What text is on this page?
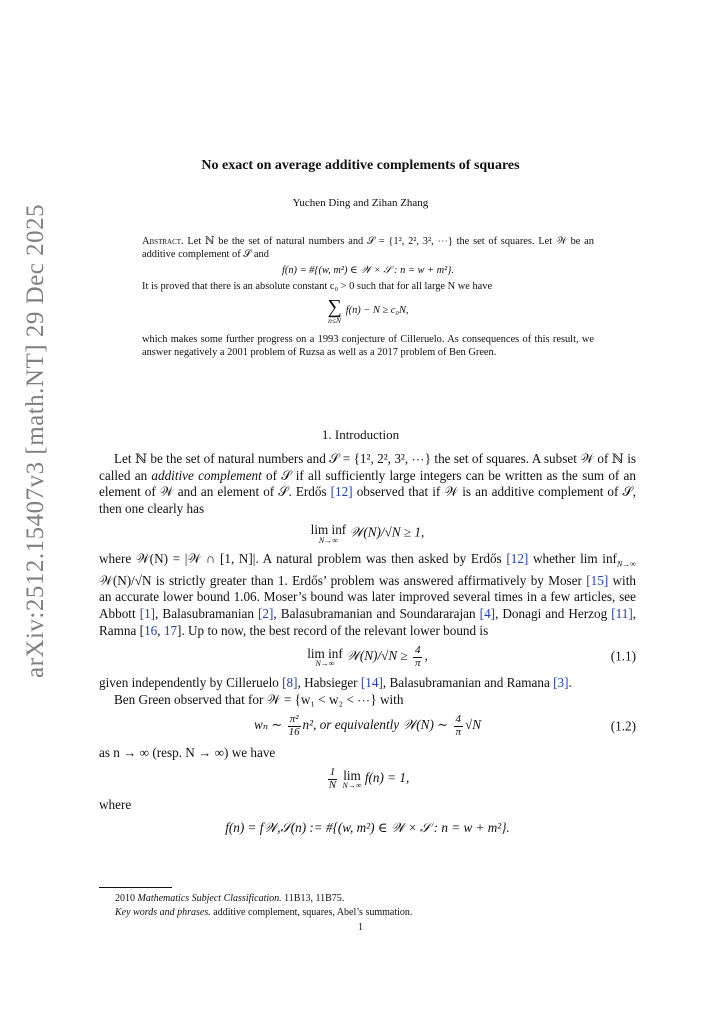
arXiv:2512.15407v3 [math.NT] 29 Dec 2025
No exact on average additive complements of squares
Yuchen Ding and Zihan Zhang

Abstract. Let ℕ be the set of natural numbers and 𝒮 = {1², 2², 3², ⋯} the set of squares. Let 𝒲 be an additive complement of 𝒮 and

f(n) = #{(w, m²) ∈ 𝒲 × 𝒮 : n = w + m²}.

It is proved that there is an absolute constant c₀ > 0 such that for all large N we have

∑
n≤N
f(n) − N ≥ c₀N,

which makes some further progress on a 1993 conjecture of Cilleruelo. As consequences of this result, we answer negatively a 2001 problem of Ruzsa as well as a 2017 problem of Ben Green.

1. Introduction

Let ℕ be the set of natural numbers and 𝒮 = {1², 2², 3², ⋯} the set of squares. A subset 𝒲 of ℕ is called an additive complement of 𝒮 if all sufficiently large integers can be written as the sum of an element of 𝒲 and an element of 𝒮. Erdős [12] observed that if 𝒲 is an additive complement of 𝒮, then one clearly has

lim inf
N→∞
𝒲(N)/√N ≥ 1,

where 𝒲(N) = |𝒲 ∩ [1, N]|. A natural problem was then asked by Erdős [12] whether lim inf$_{N\to\infty}$ 𝒲(N)/√N is strictly greater than 1. Erdős’ problem was answered affirmatively by Moser [15] with an accurate lower bound 1.06. Moser’s bound was later improved several times in a few articles, see Abbott [1], Balasubramanian [2], Balasubramanian and Soundararajan [4], Donagi and Herzog [11], Ramna [16, 17]. Up to now, the best record of the relevant lower bound is

lim inf
N→∞
𝒲(N)/√N ≥ $\frac{4}{\pi}$ ,	(1.1)

given independently by Cilleruelo [8], Habsieger [14], Balasubramanian and Ramana [3].

Ben Green observed that for 𝒲 = {w₁ < w₂ < ⋯} with

wₙ ∼ $\frac{\text{π²}}{16} n^2$, or equivalently 𝒲(N) ∼ $\frac{4}{\pi} √N$	(1.2)

as n → ∞ (resp. N → ∞) we have

$\frac{1}{N}$
lim
N→∞
f(n) = 1,

where

f(n) = f𝒲,𝒮(n) := #{(w, m²) ∈ 𝒲 × 𝒮 : n = w + m²}.

2010 Mathematics Subject Classification. 11B13, 11B75.

Key words and phrases. additive complement, squares, Abel’s summation.

1
